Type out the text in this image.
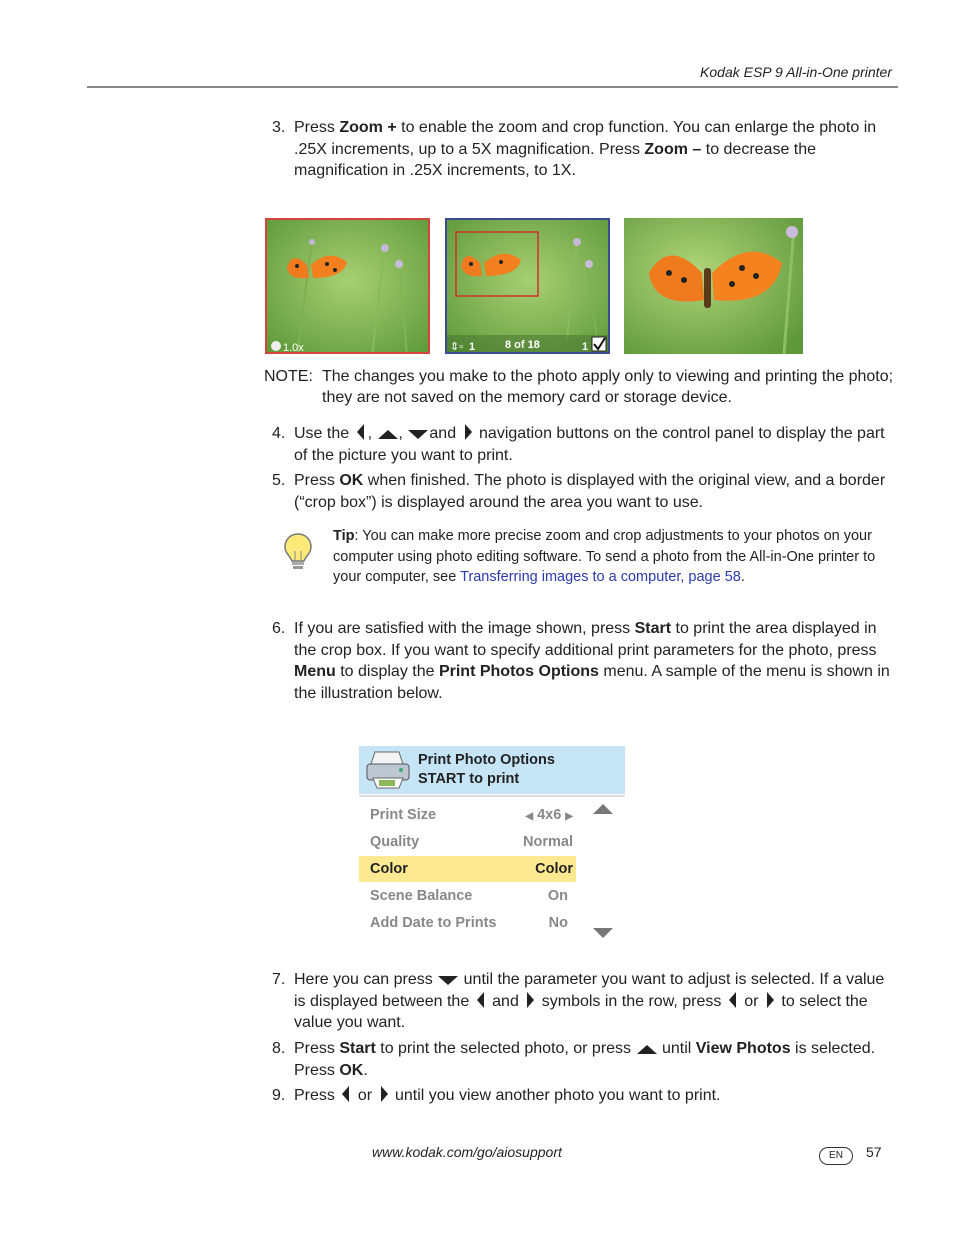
Kodak ESP 9 All-in-One printer
3. Press Zoom + to enable the zoom and crop function. You can enlarge the photo in .25X increments, up to a 5X magnification. Press Zoom – to decrease the magnification in .25X increments, to 1X.
1.0x	⇕▫ 1	8 of 18	1
NOTE: The changes you make to the photo apply only to viewing and printing the photo; they are not saved on the memory card or storage device.
4. Use the , , and navigation buttons on the control panel to display the part of the picture you want to print.
5. Press OK when finished. The photo is displayed with the original view, and a border (“crop box”) is displayed around the area you want to use.
Tip: You can make more precise zoom and crop adjustments to your photos on your computer using photo editing software. To send a photo from the All-in-One printer to your computer, see Transferring images to a computer, page 58.
6. If you are satisfied with the image shown, press Start to print the area displayed in the crop box. If you want to specify additional print parameters for the photo, press Menu to display the Print Photos Options menu. A sample of the menu is shown in the illustration below.
Print Photo Options
START to print
Print Size	◀ 4x6 ▶
Quality	Normal
Color	Color
Scene Balance	On
Add Date to Prints	No
7. Here you can press until the parameter you want to adjust is selected. If a value is displayed between the and symbols in the row, press or to select the value you want.
8. Press Start to print the selected photo, or press until View Photos is selected. Press OK.
9. Press or until you view another photo you want to print.
www.kodak.com/go/aiosupport	EN	57
